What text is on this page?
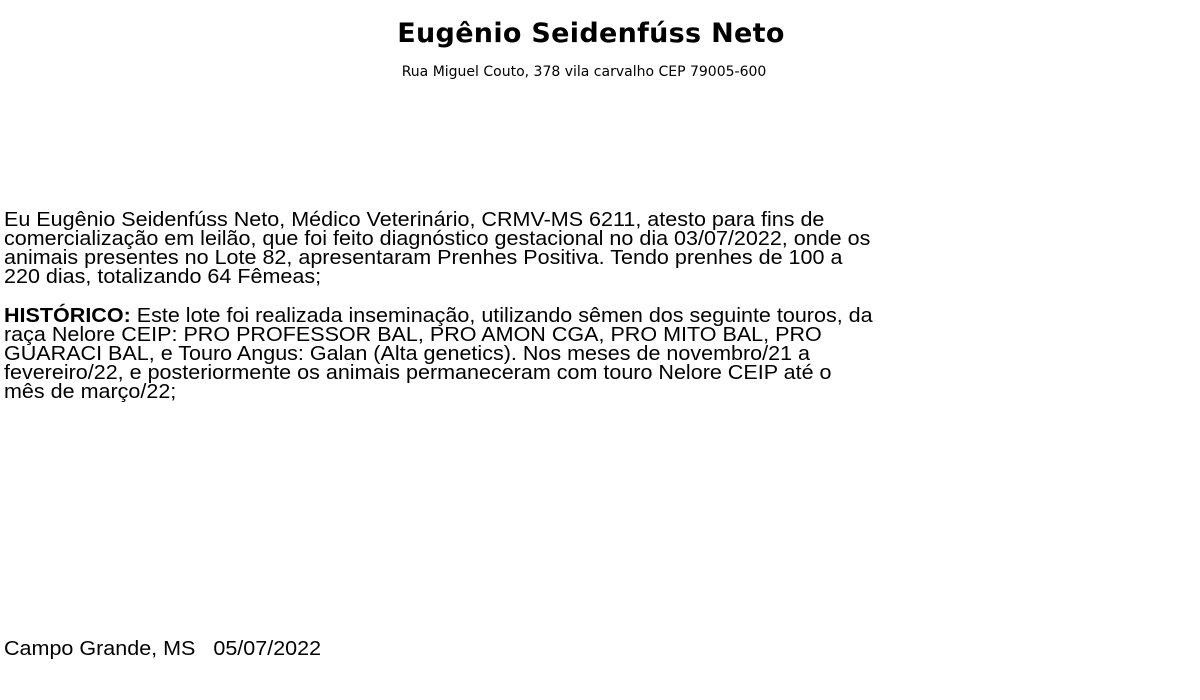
Eugênio Seidenfúss Neto
Rua Miguel Couto, 378 vila carvalho CEP 79005-600
Eu Eugênio Seidenfúss Neto, Médico Veterinário, CRMV-MS 6211, atesto para fins de
comercialização em leilão, que foi feito diagnóstico gestacional no dia 03/07/2022, onde os
animais presentes no Lote 82, apresentaram Prenhes Positiva. Tendo prenhes de 100 a
220 dias, totalizando 64 Fêmeas;
HISTÓRICO: Este lote foi realizada inseminação, utilizando sêmen dos seguinte touros, da
raça Nelore CEIP: PRO PROFESSOR BAL, PRO AMON CGA, PRO MITO BAL, PRO
GUARACI BAL, e Touro Angus: Galan (Alta genetics). Nos meses de novembro/21 a
fevereiro/22, e posteriormente os animais permaneceram com touro Nelore CEIP até o
mês de março/22;
Campo Grande, MS   05/07/2022
